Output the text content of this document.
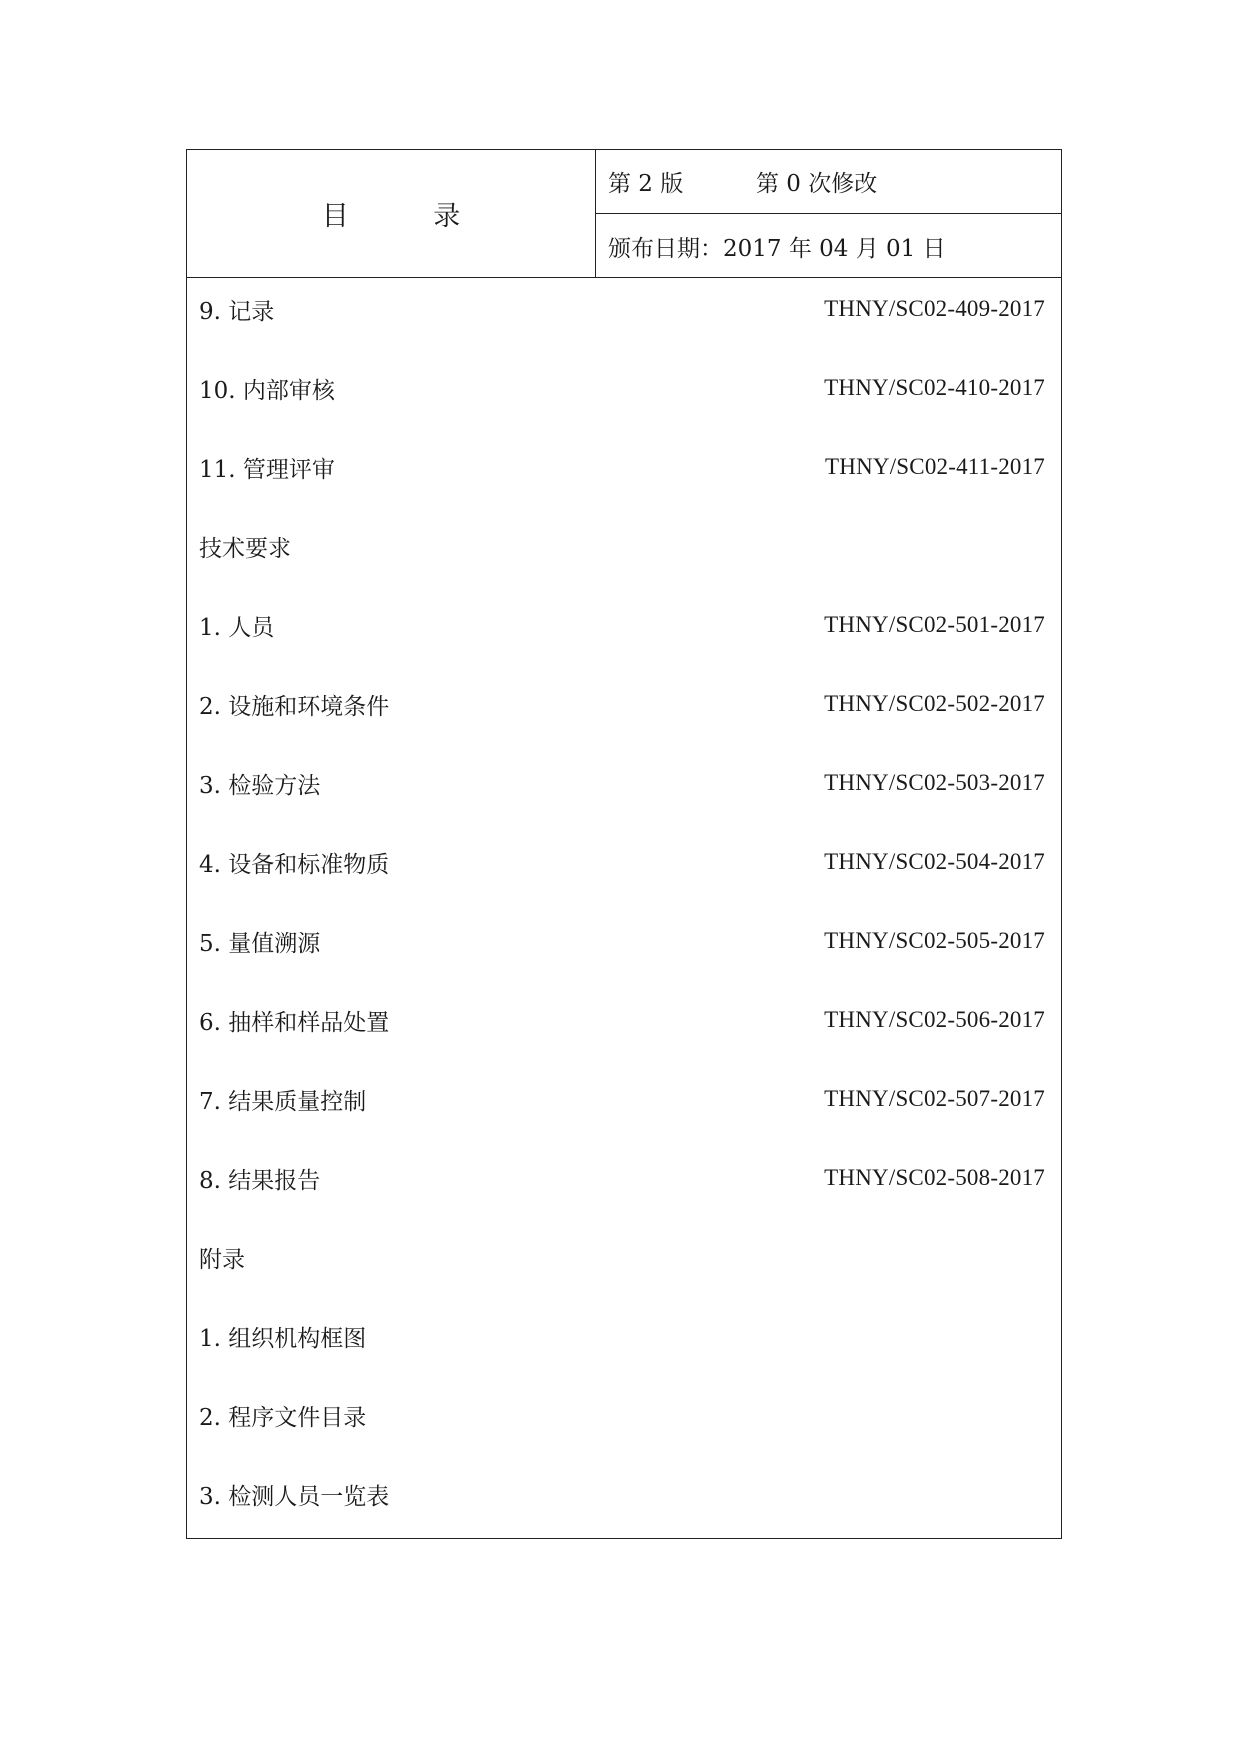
目 录
第 2 版	第 0 次修改
颁布日期：2017 年 04 月 01 日
9. 记录	THNY/SC02-409-2017
10. 内部审核	THNY/SC02-410-2017
11. 管理评审	THNY/SC02-411-2017
技术要求
1. 人员	THNY/SC02-501-2017
2. 设施和环境条件	THNY/SC02-502-2017
3. 检验方法	THNY/SC02-503-2017
4. 设备和标准物质	THNY/SC02-504-2017
5. 量值溯源	THNY/SC02-505-2017
6. 抽样和样品处置	THNY/SC02-506-2017
7. 结果质量控制	THNY/SC02-507-2017
8. 结果报告	THNY/SC02-508-2017
附录
1. 组织机构框图
2. 程序文件目录
3. 检测人员一览表
